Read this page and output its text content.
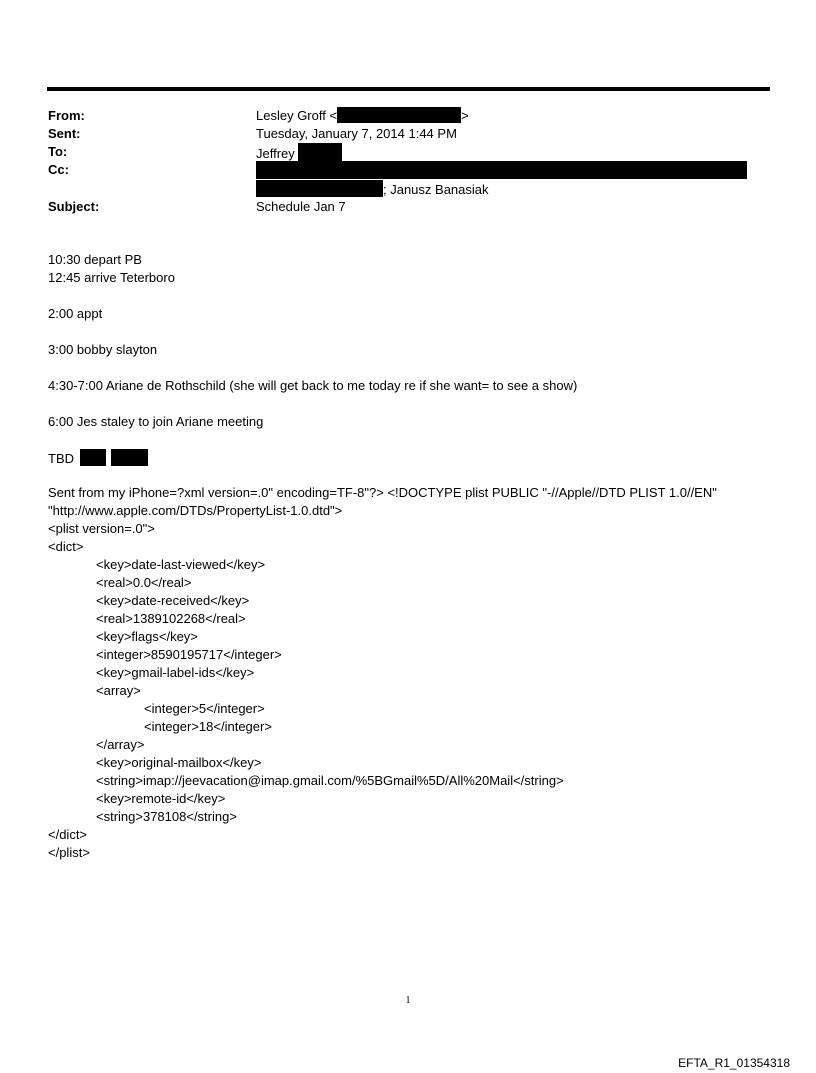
From:
Sent:
To:
Cc:
Subject:
Lesley Groff <	>
Tuesday, January 7, 2014 1:44 PM
Jeffrey
; Janusz Banasiak
Schedule Jan 7
10:30 depart PB
12:45 arrive Teterboro
2:00 appt
3:00 bobby slayton
4:30-7:00 Ariane de Rothschild (she will get back to me today re if she want= to see a show)
6:00 Jes staley to join Ariane meeting
TBD
Sent from my iPhone=?xml version=.0" encoding=TF-8"?> <!DOCTYPE plist PUBLIC "-//Apple//DTD PLIST 1.0//EN"
"http://www.apple.com/DTDs/PropertyList-1.0.dtd">
<plist version=.0">
<dict>
<key>date-last-viewed</key>
<real>0.0</real>
<key>date-received</key>
<real>1389102268</real>
<key>flags</key>
<integer>8590195717</integer>
<key>gmail-label-ids</key>
<array>
<integer>5</integer>
<integer>18</integer>
</array>
<key>original-mailbox</key>
<string>imap://jeevacation@imap.gmail.com/%5BGmail%5D/All%20Mail</string>
<key>remote-id</key>
<string>378108</string>
</dict>
</plist>
1
EFTA_R1_01354318
